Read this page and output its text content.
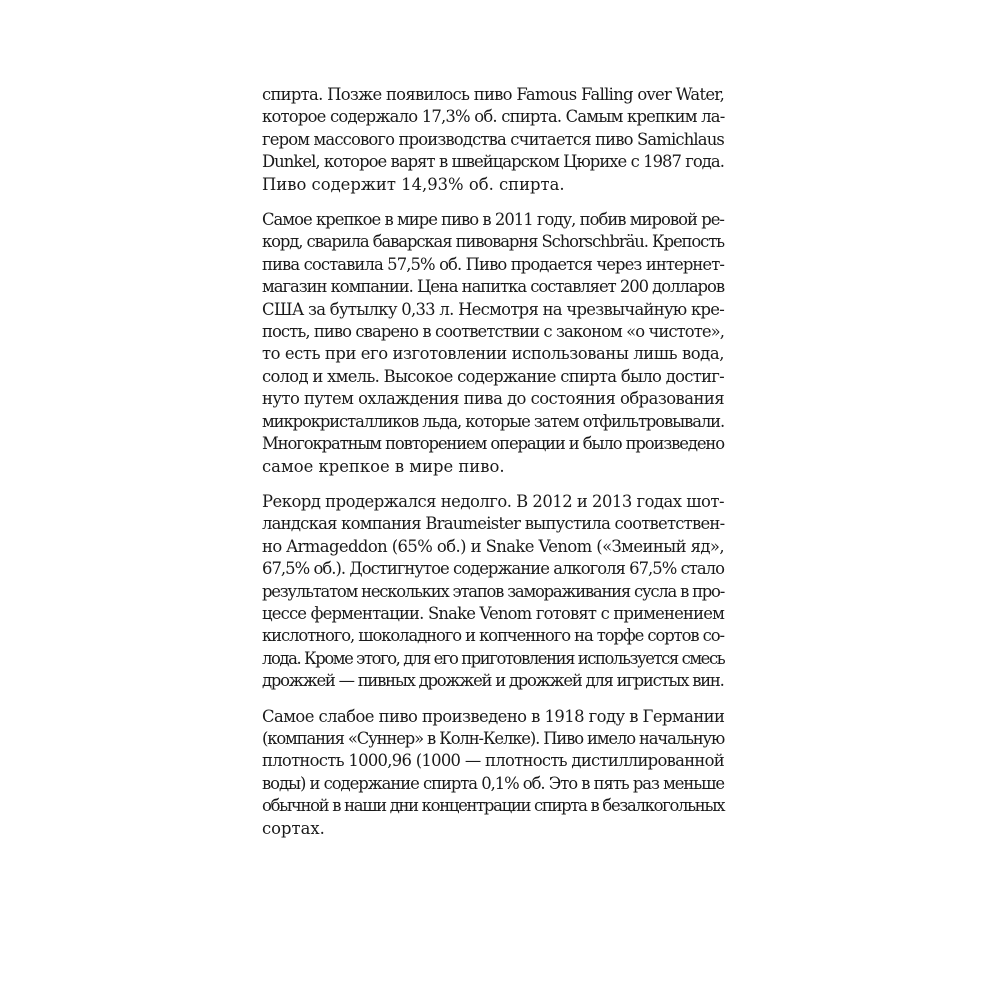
спирта. Позже появилось пиво Famous Falling over Water,
которое содержало 17,3% об. спирта. Самым крепким ла-
гером массового производства считается пиво Samichlaus
Dunkel, которое варят в швейцарском Цюрихе с 1987 года.
Пиво содержит 14,93% об. спирта.

Самое крепкое в мире пиво в 2011 году, побив мировой ре-
корд, сварила баварская пивоварня Schorschbräu. Крепость
пива составила 57,5% об. Пиво продается через интернет-
магазин компании. Цена напитка составляет 200 долларов
США за бутылку 0,33 л. Несмотря на чрезвычайную кре-
пость, пиво сварено в соответствии с законом «о чистоте»,
то есть при его изготовлении использованы лишь вода,
солод и хмель. Высокое содержание спирта было достиг-
нуто путем охлаждения пива до состояния образования
микрокристалликов льда, которые затем отфильтровывали.
Многократным повторением операции и было произведено
самое крепкое в мире пиво.

Рекорд продержался недолго. В 2012 и 2013 годах шот-
ландская компания Braumeister выпустила соответствен-
но Armageddon (65% об.) и Snake Venom («Змеиный яд»,
67,5% об.). Достигнутое содержание алкоголя 67,5% стало
результатом нескольких этапов замораживания сусла в про-
цессе ферментации. Snake Venom готовят с применением
кислотного, шоколадного и копченного на торфе сортов со-
лода. Кроме этого, для его приготовления используется смесь
дрожжей — пивных дрожжей и дрожжей для игристых вин.

Самое слабое пиво произведено в 1918 году в Германии
(компания «Суннер» в Колн-Келке). Пиво имело начальную
плотность 1000,96 (1000 — плотность дистиллированной
воды) и содержание спирта 0,1% об. Это в пять раз меньше
обычной в наши дни концентрации спирта в безалкогольных
сортах.
